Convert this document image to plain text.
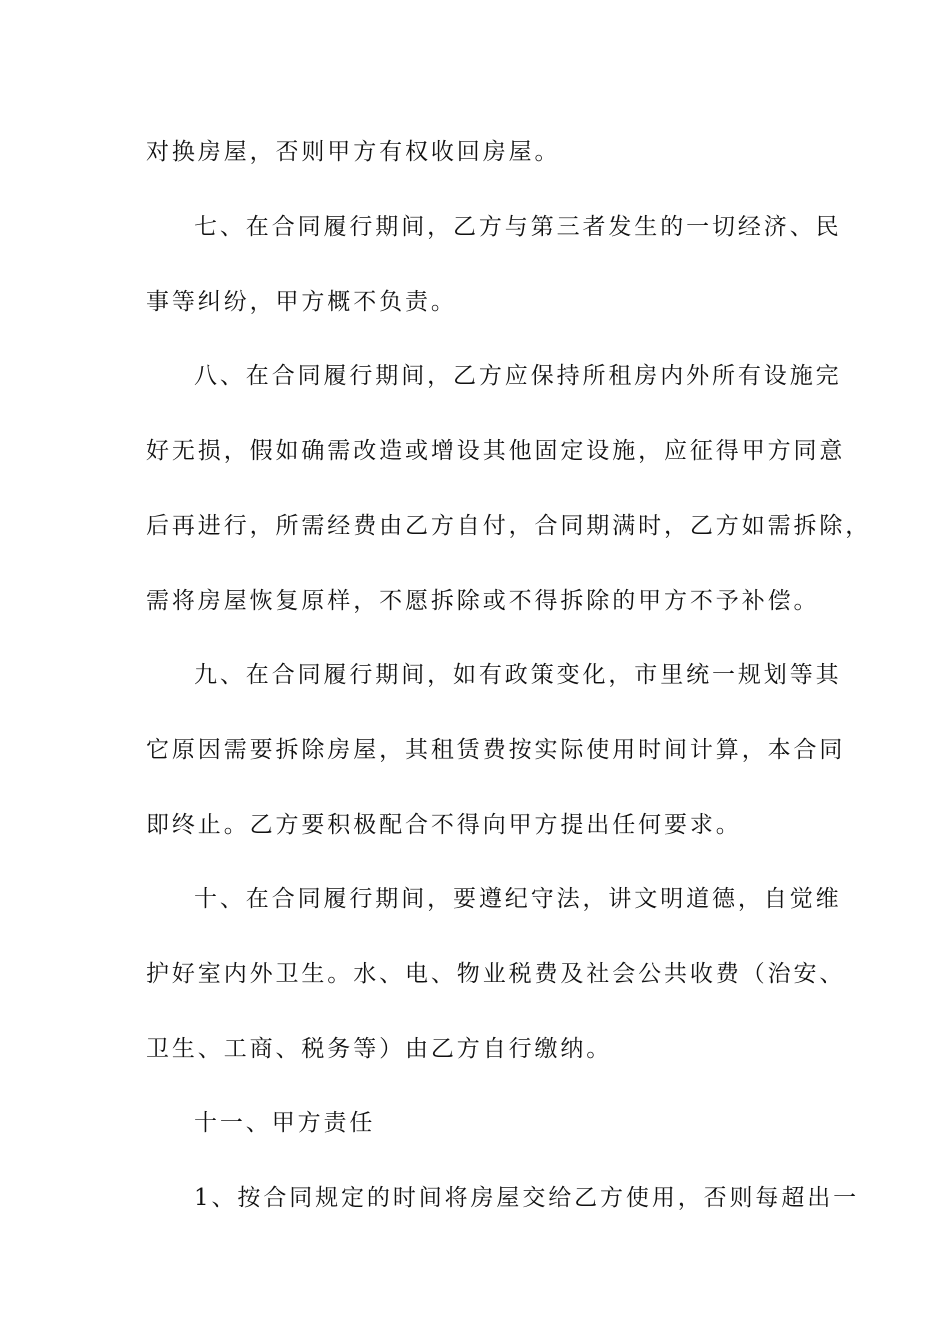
对换房屋，否则甲方有权收回房屋。
七、在合同履行期间，乙方与第三者发生的一切经济、民
事等纠纷，甲方概不负责。
八、在合同履行期间，乙方应保持所租房内外所有设施完
好无损，假如确需改造或增设其他固定设施，应征得甲方同意
后再进行，所需经费由乙方自付，合同期满时，乙方如需拆除，
需将房屋恢复原样，不愿拆除或不得拆除的甲方不予补偿。
九、在合同履行期间，如有政策变化，市里统一规划等其
它原因需要拆除房屋，其租赁费按实际使用时间计算，本合同
即终止。乙方要积极配合不得向甲方提出任何要求。
十、在合同履行期间，要遵纪守法，讲文明道德，自觉维
护好室内外卫生。水、电、物业税费及社会公共收费（治安、
卫生、工商、税务等）由乙方自行缴纳。
十一、甲方责任
1、按合同规定的时间将房屋交给乙方使用，否则每超出一
